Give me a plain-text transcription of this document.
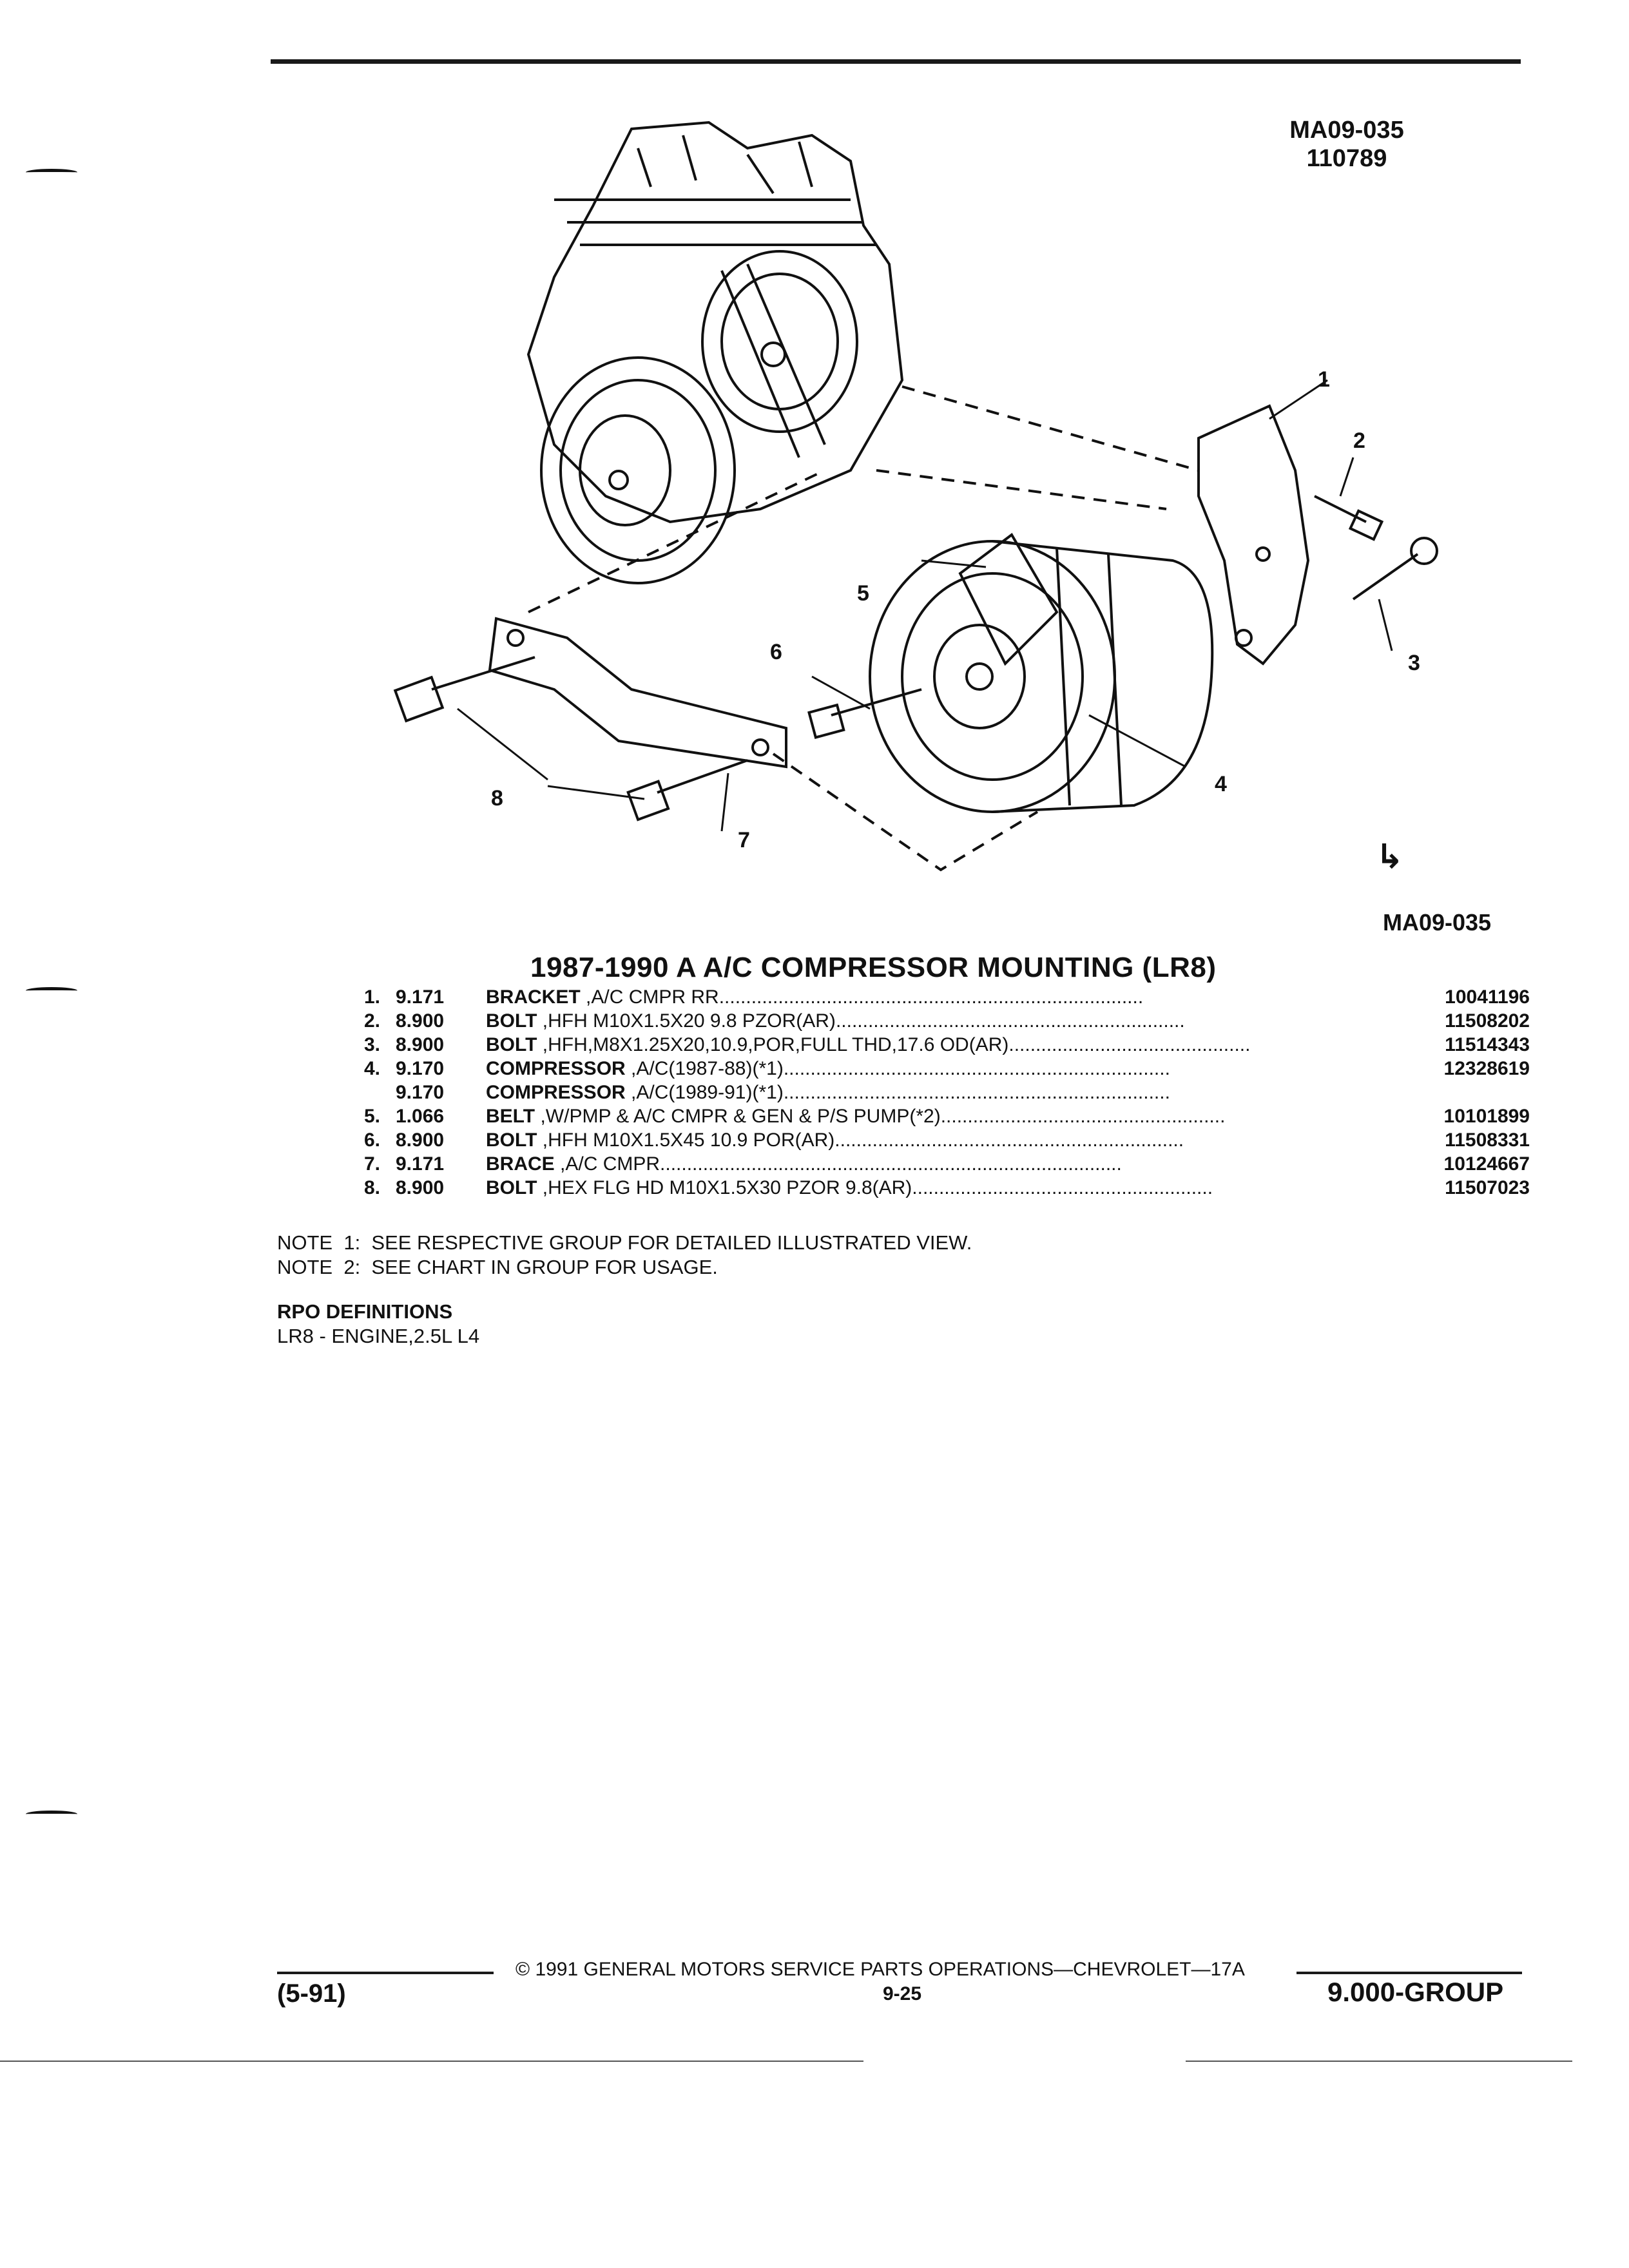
MA09-035
110789
1
2
3
4
5
6
7
8
↳
MA09-035
1987-1990 A A/C COMPRESSOR MOUNTING (LR8)
1.	9.171	BRACKET ,A/C CMPR RR...............................................................................	10041196
2.	8.900	BOLT ,HFH M10X1.5X20 9.8 PZOR(AR).................................................................	11508202
3.	8.900	BOLT ,HFH,M8X1.25X20,10.9,POR,FULL THD,17.6 OD(AR).............................................	11514343
4.	9.170	COMPRESSOR ,A/C(1987-88)(*1)........................................................................	12328619
	9.170	COMPRESSOR ,A/C(1989-91)(*1)........................................................................	
5.	1.066	BELT ,W/PMP & A/C CMPR & GEN & P/S PUMP(*2).....................................................	10101899
6.	8.900	BOLT ,HFH M10X1.5X45 10.9 POR(AR).................................................................	11508331
7.	9.171	BRACE ,A/C CMPR......................................................................................	10124667
8.	8.900	BOLT ,HEX FLG HD M10X1.5X30 PZOR 9.8(AR)........................................................	11507023
NOTE  1:  SEE RESPECTIVE GROUP FOR DETAILED ILLUSTRATED VIEW.
NOTE  2:  SEE CHART IN GROUP FOR USAGE.
RPO DEFINITIONS
LR8 - ENGINE,2.5L L4
© 1991 GENERAL MOTORS SERVICE PARTS OPERATIONS—CHEVROLET—17A
(5-91)	9-25	9.000-GROUP
